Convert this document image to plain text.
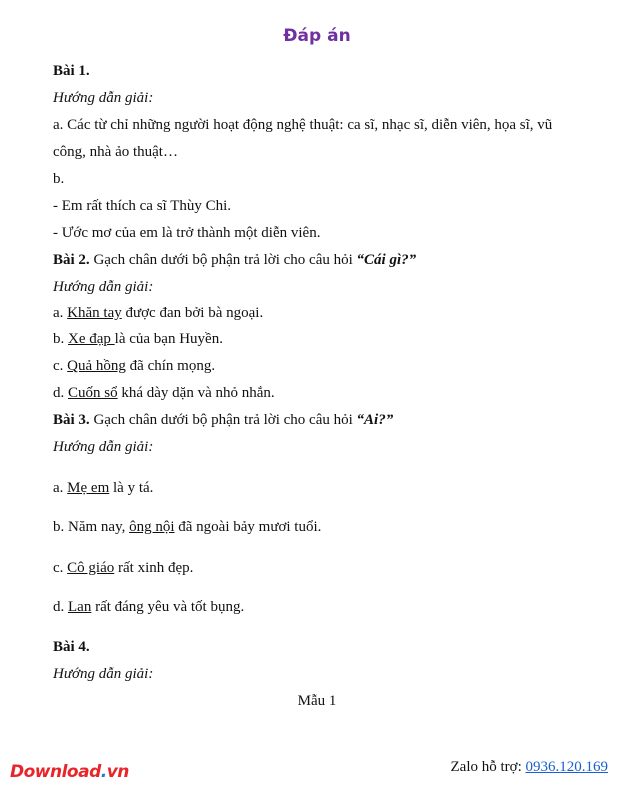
Đáp án
Bài 1.
Hướng dẫn giải:
a. Các từ chỉ những người hoạt động nghệ thuật: ca sĩ, nhạc sĩ, diễn viên, họa sĩ, vũ
công, nhà ảo thuật…
b.
- Em rất thích ca sĩ Thùy Chi.
- Ước mơ của em là trở thành một diễn viên.
Bài 2. Gạch chân dưới bộ phận trả lời cho câu hỏi “Cái gì?”
Hướng dẫn giải:
a. Khăn tay được đan bởi bà ngoại.
b. Xe đạp là của bạn Huyền.
c. Quả hồng đã chín mọng.
d. Cuốn sổ khá dày dặn và nhỏ nhắn.
Bài 3. Gạch chân dưới bộ phận trả lời cho câu hỏi “Ai?”
Hướng dẫn giải:
a. Mẹ em là y tá.
b. Năm nay, ông nội đã ngoài bảy mươi tuổi.
c. Cô giáo rất xinh đẹp.
d. Lan rất đáng yêu và tốt bụng.
Bài 4.
Hướng dẫn giải:
Mẫu 1
Download.vn	Zalo hỗ trợ: 0936.120.169
